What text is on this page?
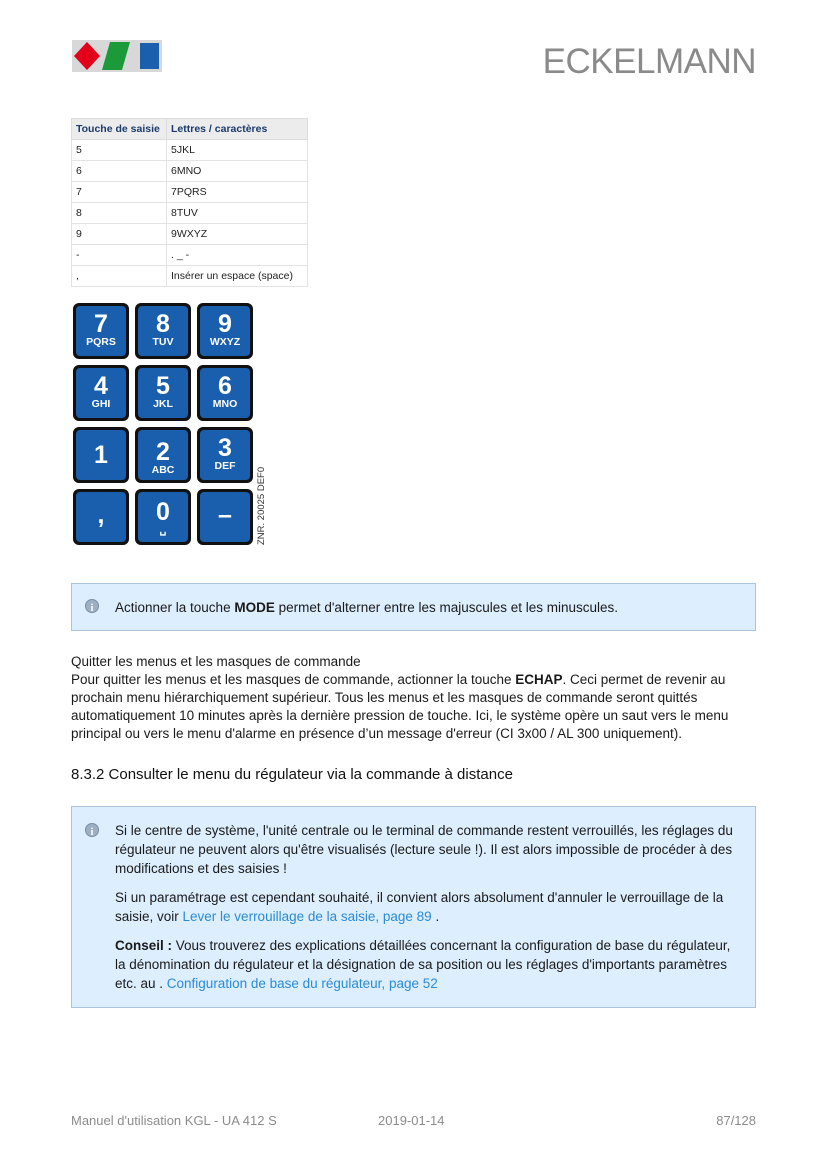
ECKELMANN
Touche de saisie	Lettres / caractères
5	5JKL
6	6MNO
7	7PQRS
8	8TUV
9	9WXYZ
-	. _ -
,	Insérer un espace (space)
7
PQRS
8
TUV
9
WXYZ
4
GHI
5
JKL
6
MNO
1	2
ABC
3
DEF
,	0
␣
–	ZNR. 20025 DEF0
i
Actionner la touche MODE permet d'alterner entre les majuscules et les minuscules.
Quitter les menus et les masques de commande
Pour quitter les menus et les masques de commande, actionner la touche ECHAP. Ceci permet de revenir au prochain menu hiérarchiquement supérieur. Tous les menus et les masques de commande seront quittés automatiquement 10 minutes après la dernière pression de touche. Ici, le système opère un saut vers le menu principal ou vers le menu d'alarme en présence d’un message d'erreur (CI 3x00 / AL 300 uniquement).
8.3.2 Consulter le menu du régulateur via la commande à distance
i

Si le centre de système, l'unité centrale ou le terminal de commande restent verrouillés, les réglages du régulateur ne peuvent alors qu'être visualisés (lecture seule !). Il est alors impossible de procéder à des modifications et des saisies !

Si un paramétrage est cependant souhaité, il convient alors absolument d'annuler le verrouillage de la saisie, voir Lever le verrouillage de la saisie, page 89 .

Conseil : Vous trouverez des explications détaillées concernant la configuration de base du régulateur, la dénomination du régulateur et la désignation de sa position ou les réglages d'importants paramètres etc. au . Configuration de base du régulateur, page 52

Manuel d'utilisation KGL - UA 412 S	2019-01-14	87/128
